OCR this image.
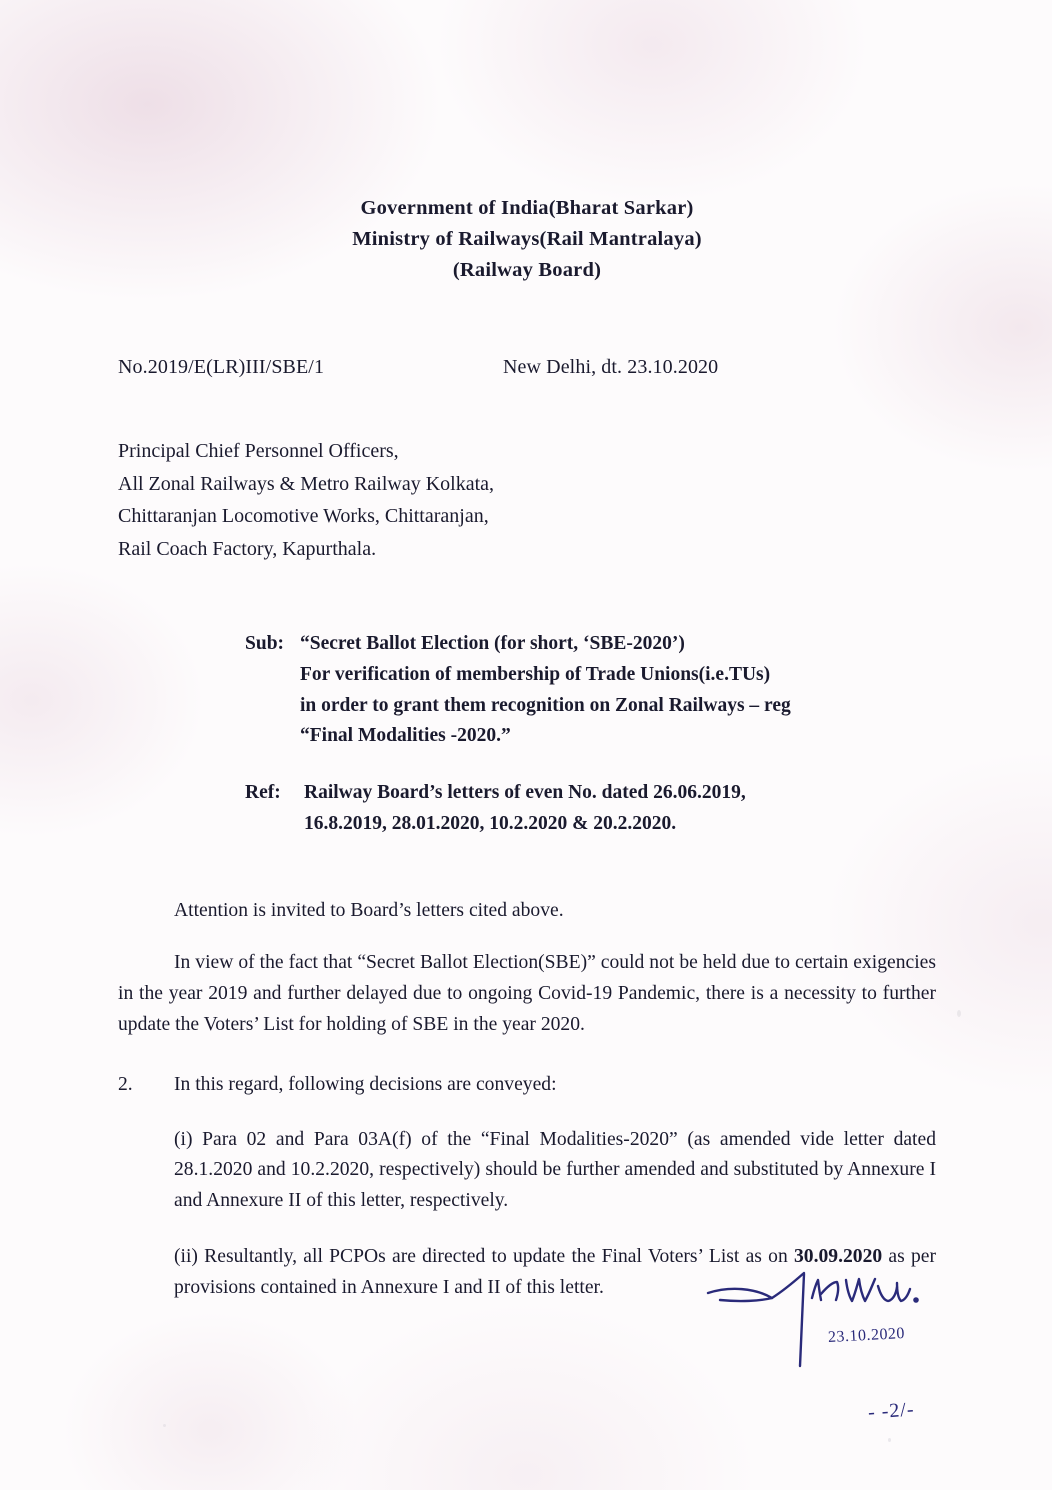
Government of India(Bharat Sarkar)
Ministry of Railways(Rail Mantralaya)
(Railway Board)
No.2019/E(LR)III/SBE/1	New Delhi, dt. 23.10.2020
Principal Chief Personnel Officers,
All Zonal Railways & Metro Railway Kolkata,
Chittaranjan Locomotive Works, Chittaranjan,
Rail Coach Factory, Kapurthala.
Sub: “Secret Ballot Election (for short, ‘SBE-2020’)
For verification of membership of Trade Unions(i.e.TUs)
in order to grant them recognition on Zonal Railways – reg
“Final Modalities -2020.”
Ref:	Railway Board’s letters of even No. dated 26.06.2019,
16.8.2019, 28.01.2020, 10.2.2020 & 20.2.2020.
Attention is invited to Board’s letters cited above.
In view of the fact that “Secret Ballot Election(SBE)” could not be held due to certain exigencies in the year 2019 and further delayed due to ongoing Covid-19 Pandemic, there is a necessity to further update the Voters’ List for holding of SBE in the year 2020.
2.	In this regard, following decisions are conveyed:
(i) Para 02 and Para 03A(f) of the “Final Modalities-2020” (as amended vide letter dated 28.1.2020 and 10.2.2020, respectively) should be further amended and substituted by Annexure I and Annexure II of this letter, respectively.
(ii) Resultantly, all PCPOs are directed to update the Final Voters’ List as on 30.09.2020 as per provisions contained in Annexure I and II of this letter.
23.10.2020
- -2/-
